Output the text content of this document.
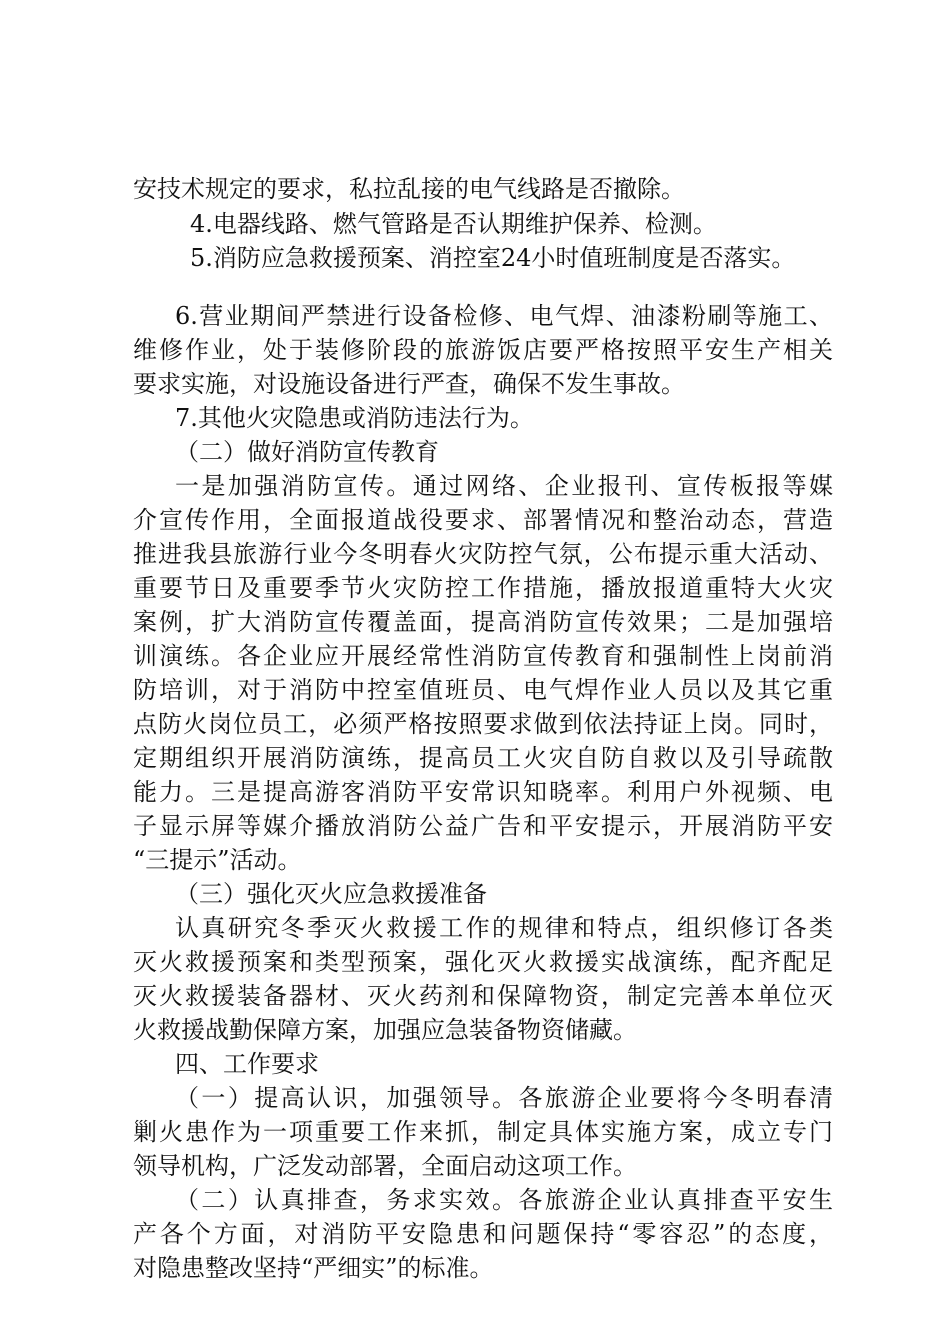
安技术规定的要求，私拉乱接的电气线路是否撤除。
4.电器线路、燃气管路是否认期维护保养、检测。
5.消防应急救援预案、消控室24小时值班制度是否落实。
6.营业期间严禁进行设备检修、电气焊、油漆粉刷等施工、
维修作业，处于装修阶段的旅游饭店要严格按照平安生产相关
要求实施，对设施设备进行严查，确保不发生事故。
7.其他火灾隐患或消防违法行为。
（二）做好消防宣传教育
一是加强消防宣传。通过网络、企业报刊、宣传板报等媒
介宣传作用，全面报道战役要求、部署情况和整治动态，营造
推进我县旅游行业今冬明春火灾防控气氛，公布提示重大活动、
重要节日及重要季节火灾防控工作措施，播放报道重特大火灾
案例，扩大消防宣传覆盖面，提高消防宣传效果；二是加强培
训演练。各企业应开展经常性消防宣传教育和强制性上岗前消
防培训，对于消防中控室值班员、电气焊作业人员以及其它重
点防火岗位员工，必须严格按照要求做到依法持证上岗。同时，
定期组织开展消防演练，提高员工火灾自防自救以及引导疏散
能力。三是提高游客消防平安常识知晓率。利用户外视频、电
子显示屏等媒介播放消防公益广告和平安提示，开展消防平安
“三提示”活动。
（三）强化灭火应急救援准备
认真研究冬季灭火救援工作的规律和特点，组织修订各类
灭火救援预案和类型预案，强化灭火救援实战演练，配齐配足
灭火救援装备器材、灭火药剂和保障物资，制定完善本单位灭
火救援战勤保障方案，加强应急装备物资储藏。
四、工作要求
（一）提高认识，加强领导。各旅游企业要将今冬明春清
剿火患作为一项重要工作来抓，制定具体实施方案，成立专门
领导机构，广泛发动部署，全面启动这项工作。
（二）认真排查，务求实效。各旅游企业认真排查平安生
产各个方面，对消防平安隐患和问题保持“零容忍”的态度，
对隐患整改坚持“严细实”的标准。
